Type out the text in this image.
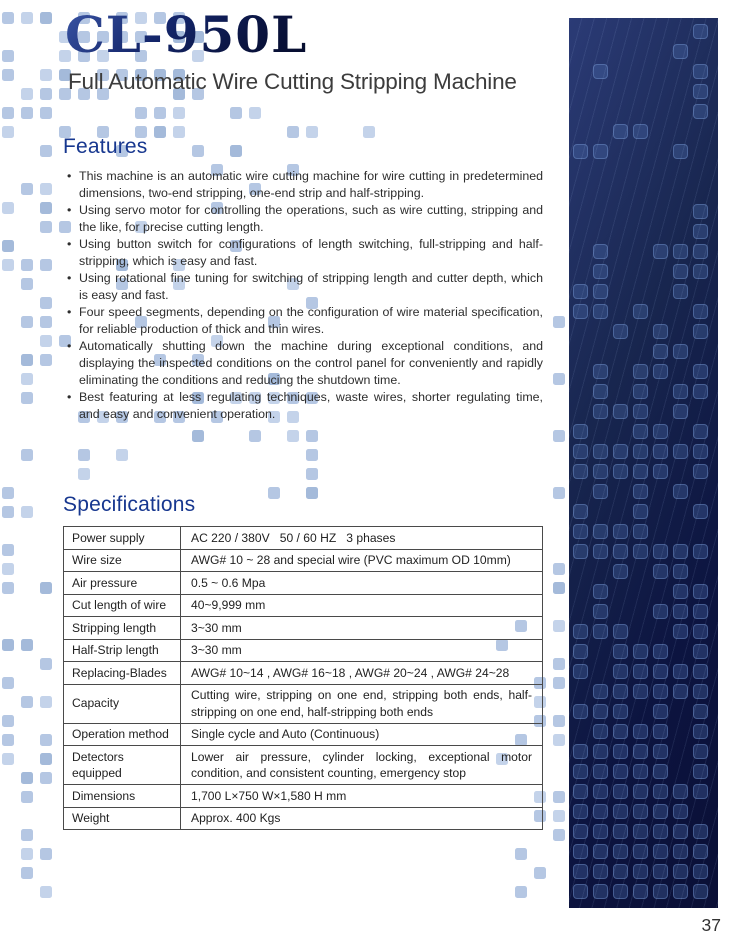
CL-950L
Full Automatic Wire Cutting Stripping Machine
Features
• This machine is an automatic wire cutting machine for wire cutting in predetermined dimensions, two-end stripping, one-end strip and half-stripping.
• Using servo motor for controlling the operations, such as wire cutting, stripping and the like, for precise cutting length.
• Using button switch for configurations of length switching, full-stripping and half-stripping, which is easy and fast.
• Using rotational fine tuning for switching of stripping length and cutter depth, which is easy and fast.
• Four speed segments, depending on the configuration of wire material specification, for reliable production of thick and thin wires.
• Automatically shutting down the machine during exceptional conditions, and displaying the inspected conditions on the control panel for conveniently and rapidly eliminating the conditions and reducing the shutdown time.
• Best featuring at less regulating techniques, waste wires, shorter regulating time, and easy and convenient operation.
Specifications
Power supply	AC 220 / 380V   50 / 60 HZ   3 phases
Wire size	AWG# 10 ~ 28 and special wire (PVC maximum OD 10mm)
Air pressure	0.5 ~ 0.6 Mpa
Cut length of wire	40~9,999 mm
Stripping length	3~30 mm
Half-Strip length	3~30 mm
Replacing-Blades	AWG# 10~14 , AWG# 16~18 , AWG# 20~24 , AWG# 24~28
Capacity	Cutting wire, stripping on one end, stripping both ends, half-stripping on one end, half-stripping both ends
Operation method	Single cycle and Auto (Continuous)
Detectors equipped	Lower air pressure, cylinder locking, exceptional motor condition, and consistent counting, emergency stop
Dimensions	1,700 L×750 W×1,580 H mm
Weight	Approx. 400 Kgs
37
